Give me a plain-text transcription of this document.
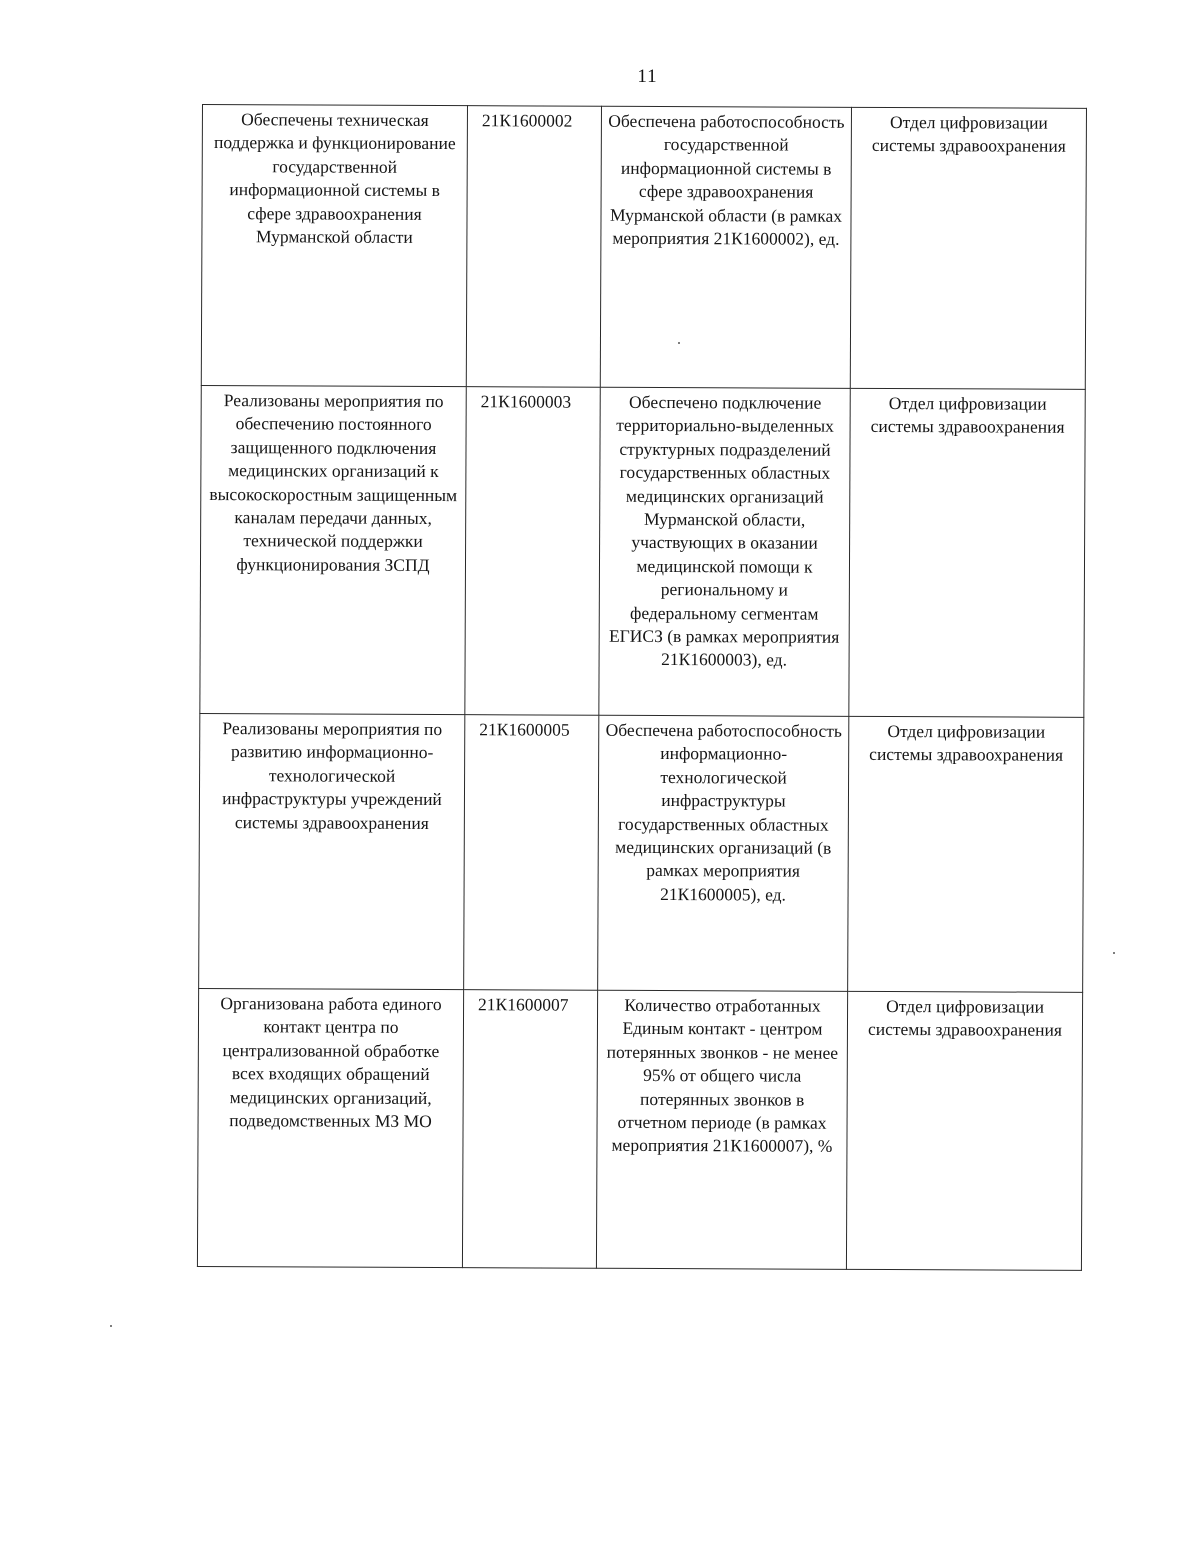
11
Обеспечены техническая поддержка и функционирование государственной информационной системы в сфере здравоохранения Мурманской области	21К1600002	Обеспечена работоспособность государственной информационной системы в сфере здравоохранения Мурманской области (в рамках мероприятия 21К1600002), ед.	Отдел цифровизации системы здравоохранения
Реализованы мероприятия по обеспечению постоянного защищенного подключения медицинских организаций к высокоскоростным защищенным каналам передачи данных, технической поддержки функционирования ЗСПД	21К1600003	Обеспечено подключение территориально-выделенных структурных подразделений государственных областных медицинских организаций Мурманской области, участвующих в оказании медицинской помощи к региональному и федеральному сегментам ЕГИСЗ (в рамках мероприятия 21К1600003), ед.	Отдел цифровизации системы здравоохранения
Реализованы мероприятия по развитию информационно-технологической инфраструктуры учреждений системы здравоохранения	21К1600005	Обеспечена работоспособность информационно-технологической инфраструктуры государственных областных медицинских организаций (в рамках мероприятия 21К1600005), ед.	Отдел цифровизации системы здравоохранения
Организована работа единого контакт центра по централизованной обработке всех входящих обращений медицинских организаций, подведомственных МЗ МО	21К1600007	Количество отработанных Единым контакт - центром потерянных звонков - не менее 95% от общего числа потерянных звонков в отчетном периоде (в рамках мероприятия 21К1600007), %	Отдел цифровизации системы здравоохранения
